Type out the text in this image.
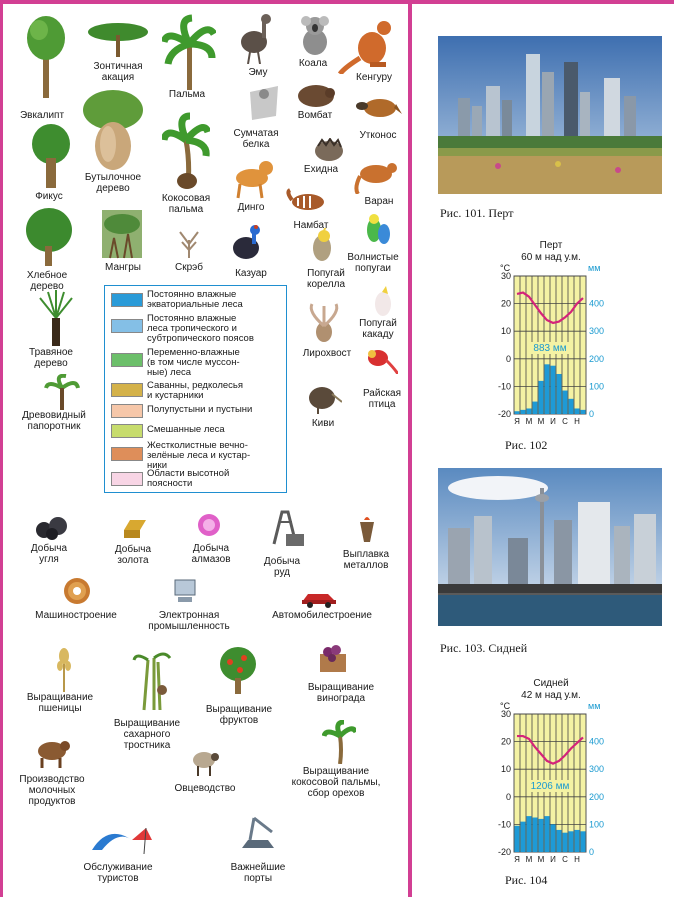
Эвкалипт
Зонтичная
акация
Пальма
Эму
Коала
Кенгуру
Бутылочное
дерево
Фикус
Сумчатая
белка
Вомбат
Утконос
Кокосовая
пальма
Ехидна
Динго
Варан
Намбат
Хлебное
дерево
Мангры	Скрэб
Казуар	Попугай
корелла
Волнистые
попугаи
Травяное
дерево
Попугай
какаду
Лирохвост
Райская
птица
Древовидный
папоротник	Киви
Постоянно влажные
экваториальные леса
Постоянно влажные
леса тропического и
субтропического поясов
Переменно-влажные
(в том числе муссон-
ные) леса
Саванны, редколесья
и кустарники
Полупустыни и пустыни
Смешанные леса
Жестколистные вечно-
зелёные леса и кустар-
ники
Области высотной
поясности
Добыча
угля
Добыча
золота
Добыча
алмазов	Добыча
руд
Выплавка
металлов
Машиностроение	Электронная
промышленность
Автомобилестроение
Выращивание
пшеницы
Выращивание
сахарного
тростника
Выращивание
фруктов
Выращивание
винограда
Производство
молочных
продуктов
Овцеводство
Выращивание
кокосовой пальмы,
сбор орехов
Обслуживание
туристов
Важнейшие
порты
Рис. 101. Перт
Перт
60 м над у.м.
°С	мм
30
20
10
0
-10
-20
400
300
200
100
0
883 мм
Я М М И С Н
Рис. 102
Рис. 103. Сидней
Сидней
42 м над у.м.
°С	мм
30
20
10
0
-10
-20
400
300
200
100
0
1206 мм
Я М М И С Н
Рис. 104
